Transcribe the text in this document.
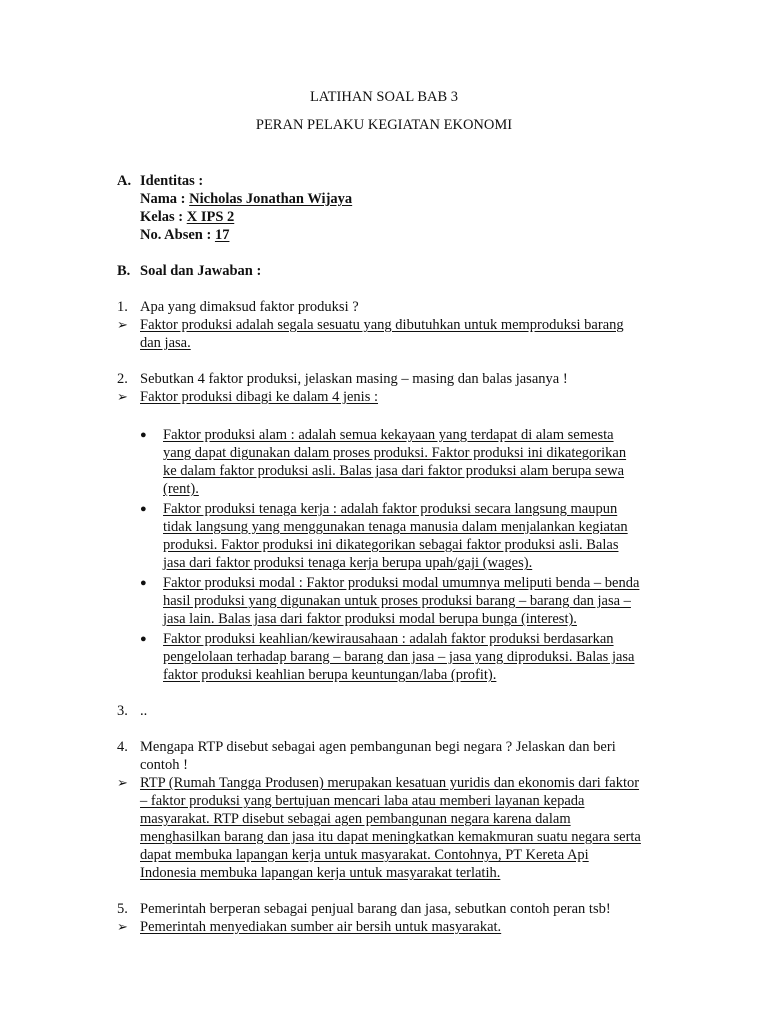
LATIHAN SOAL BAB 3
PERAN PELAKU KEGIATAN EKONOMI
A. Identitas :
Nama : Nicholas Jonathan Wijaya
Kelas : X IPS 2
No. Absen : 17
B. Soal dan Jawaban :
1. Apa yang dimaksud faktor produksi ?
➢ Faktor produksi adalah segala sesuatu yang dibutuhkan untuk memproduksi barang
dan jasa.
2. Sebutkan 4 faktor produksi, jelaskan masing – masing dan balas jasanya !
➢ Faktor produksi dibagi ke dalam 4 jenis :
● Faktor produksi alam : adalah semua kekayaan yang terdapat di alam semesta
yang dapat digunakan dalam proses produksi. Faktor produksi ini dikategorikan
ke dalam faktor produksi asli. Balas jasa dari faktor produksi alam berupa sewa
(rent).
● Faktor produksi tenaga kerja : adalah faktor produksi secara langsung maupun
tidak langsung yang menggunakan tenaga manusia dalam menjalankan kegiatan
produksi. Faktor produksi ini dikategorikan sebagai faktor produksi asli. Balas
jasa dari faktor produksi tenaga kerja berupa upah/gaji (wages).
● Faktor produksi modal : Faktor produksi modal umumnya meliputi benda – benda
hasil produksi yang digunakan untuk proses produksi barang – barang dan jasa –
jasa lain. Balas jasa dari faktor produksi modal berupa bunga (interest).
● Faktor produksi keahlian/kewirausahaan : adalah faktor produksi berdasarkan
pengelolaan terhadap barang – barang dan jasa – jasa yang diproduksi. Balas jasa
faktor produksi keahlian berupa keuntungan/laba (profit).
3. ..
4. Mengapa RTP disebut sebagai agen pembangunan begi negara ? Jelaskan dan beri
contoh !
➢ RTP (Rumah Tangga Produsen) merupakan kesatuan yuridis dan ekonomis dari faktor
– faktor produksi yang bertujuan mencari laba atau memberi layanan kepada
masyarakat. RTP disebut sebagai agen pembangunan negara karena dalam
menghasilkan barang dan jasa itu dapat meningkatkan kemakmuran suatu negara serta
dapat membuka lapangan kerja untuk masyarakat. Contohnya, PT Kereta Api
Indonesia membuka lapangan kerja untuk masyarakat terlatih.
5. Pemerintah berperan sebagai penjual barang dan jasa, sebutkan contoh peran tsb!
➢ Pemerintah menyediakan sumber air bersih untuk masyarakat.
